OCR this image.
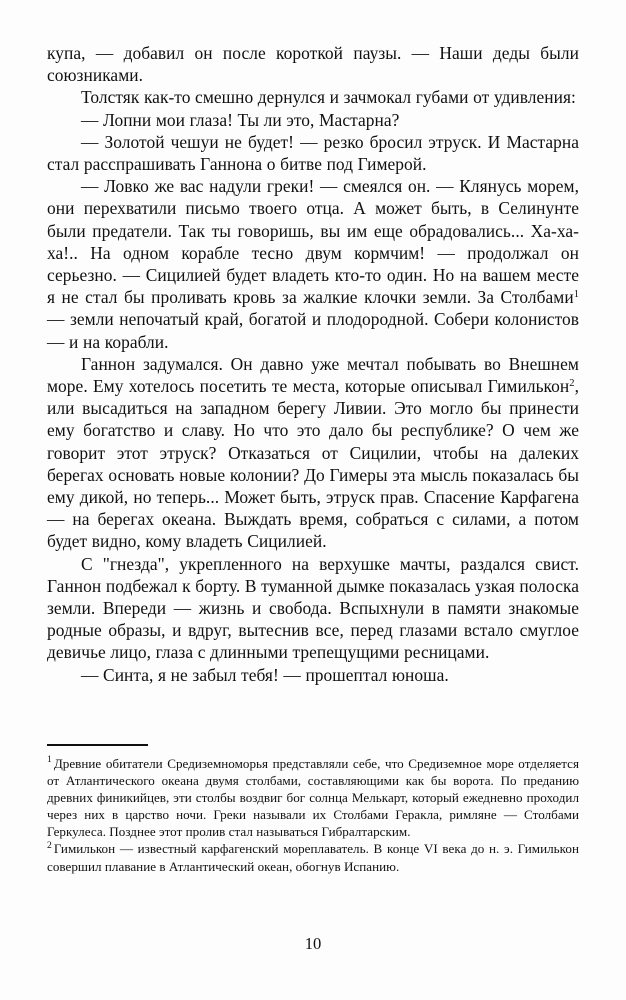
купа, — добавил он после короткой паузы. — Наши деды были союзниками.

Толстяк как-то смешно дернулся и зачмокал губами от удивления:

— Лопни мои глаза! Ты ли это, Мастарна?

— Золотой чешуи не будет! — резко бросил этруск. И Мастарна стал расспрашивать Ганнона о битве под Гимерой.

— Ловко же вас надули греки! — смеялся он. — Клянусь морем, они перехватили письмо твоего отца. А может быть, в Селинунте были предатели. Так ты говоришь, вы им еще обрадовались... Ха-ха-ха!.. На одном корабле тесно двум кормчим! — продолжал он серьезно. — Сицилией будет владеть кто-то один. Но на вашем месте я не стал бы проливать кровь за жалкие клочки земли. За Столбами$^1$ — земли непочатый край, богатой и плодородной. Собери колонистов — и на корабли.

Ганнон задумался. Он давно уже мечтал побывать во Внешнем море. Ему хотелось посетить те места, которые описывал Гимилькон$^2$, или высадиться на западном берегу Ливии. Это могло бы принести ему богатство и славу. Но что это дало бы республике? О чем же говорит этот этруск? Отказаться от Сицилии, чтобы на далеких берегах основать новые колонии? До Гимеры эта мысль показалась бы ему дикой, но теперь... Может быть, этруск прав. Спасение Карфагена — на берегах океана. Выждать время, собраться с силами, а потом будет видно, кому владеть Сицилией.

С "гнезда", укрепленного на верхушке мачты, раздался свист. Ганнон подбежал к борту. В туманной дымке показалась узкая полоска земли. Впереди — жизнь и свобода. Вспыхнули в памяти знакомые родные образы, и вдруг, вытеснив все, перед глазами встало смуглое девичье лицо, глаза с длинными трепещущими ресницами.

— Синта, я не забыл тебя! — прошептал юноша.

$^1$ Древние обитатели Средиземноморья представляли себе, что Средиземное море отделяется от Атлантического океана двумя столбами, составляющими как бы ворота. По преданию древних финикийцев, эти столбы воздвиг бог солнца Мелькарт, который ежедневно проходил через них в царство ночи. Греки называли их Столбами Геракла, римляне — Столбами Геркулеса. Позднее этот пролив стал называться Гибралтарским.

$^2$ Гимилькон — известный карфагенский мореплаватель. В конце VI века до н. э. Гимилькон совершил плавание в Атлантический океан, обогнув Испанию.

10
